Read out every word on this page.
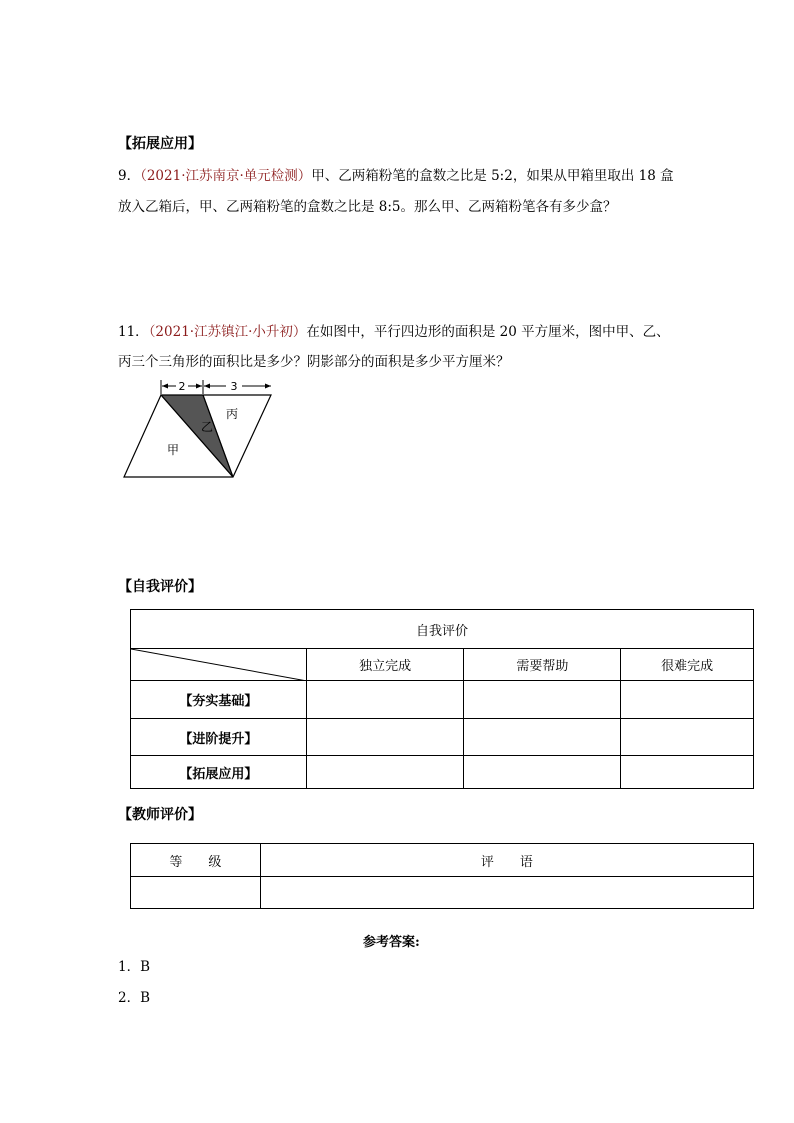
【拓展应用】
9．（2021·江苏南京·单元检测）甲、乙两箱粉笔的盒数之比是 5:2，如果从甲箱里取出 18 盒
放入乙箱后，甲、乙两箱粉笔的盒数之比是 8:5。那么甲、乙两箱粉笔各有多少盒？
11．（2021·江苏镇江·小升初）在如图中，平行四边形的面积是 20 平方厘米，图中甲、乙、
丙三个三角形的面积比是多少？阴影部分的面积是多少平方厘米？
2	3
甲
乙
丙
【自我评价】
自我评价			

	独立完成	需要帮助	很难完成
【夯实基础】			
【进阶提升】			
【拓展应用】			
【教师评价】
等　　级	评　　语

参考答案:
1．B
2．B
